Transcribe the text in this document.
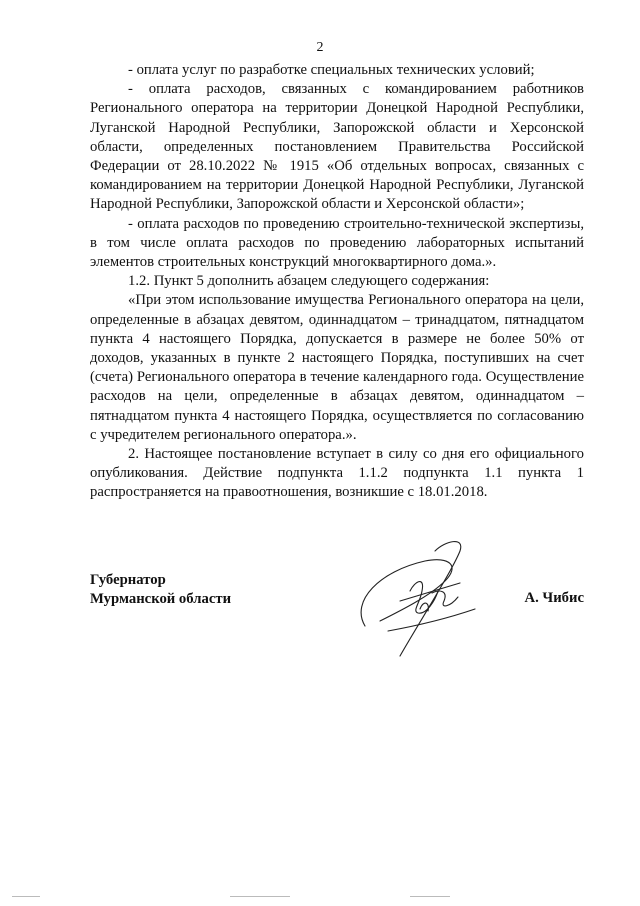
2

- оплата услуг по разработке специальных технических условий;

- оплата расходов, связанных с командированием работников Регионального оператора на территории Донецкой Народной Республики, Луганской Народной Республики, Запорожской области и Херсонской области, определенных постановлением Правительства Российской Федерации от 28.10.2022 № 1915 «Об отдельных вопросах, связанных с командированием на территории Донецкой Народной Республики, Луганской Народной Республики, Запорожской области и Херсонской области»;

- оплата расходов по проведению строительно-технической экспертизы, в том числе оплата расходов по проведению лабораторных испытаний элементов строительных конструкций многоквартирного дома.».

1.2. Пункт 5 дополнить абзацем следующего содержания:

«При этом использование имущества Регионального оператора на цели, определенные в абзацах девятом, одиннадцатом – тринадцатом, пятнадцатом пункта 4 настоящего Порядка, допускается в размере не более 50% от доходов, указанных в пункте 2 настоящего Порядка, поступивших на счет (счета) Регионального оператора в течение календарного года. Осуществление расходов на цели, определенные в абзацах девятом, одиннадцатом – пятнадцатом пункта 4 настоящего Порядка, осуществляется по согласованию с учредителем регионального оператора.».

2. Настоящее постановление вступает в силу со дня его официального опубликования. Действие подпункта 1.1.2 подпункта 1.1 пункта 1 распространяется на правоотношения, возникшие с 18.01.2018.

Губернатор
Мурманской области	А. Чибис
